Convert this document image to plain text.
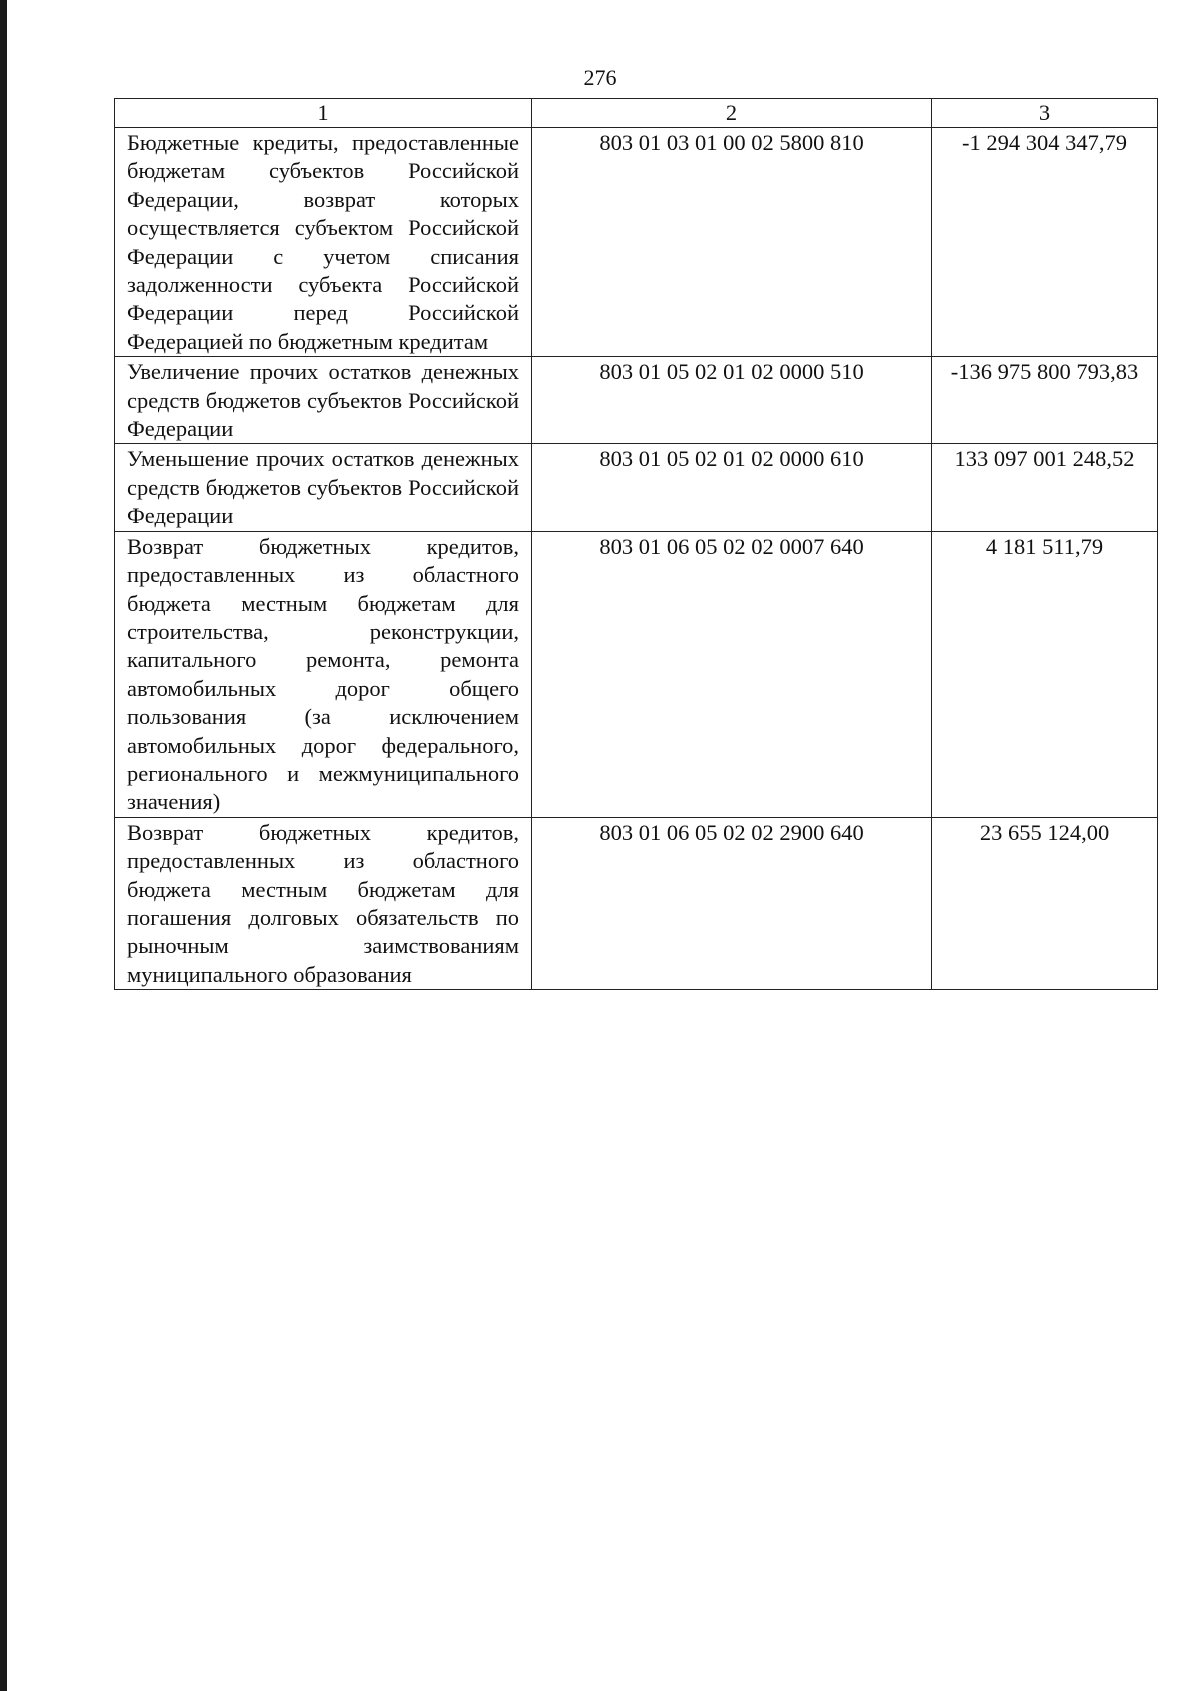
276
1	2	3
Бюджетные кредиты, предоставленные бюджетам субъектов Российской Федерации, возврат которых осуществляется субъектом Российской Федерации с учетом списания задолженности субъекта Российской Федерации перед Российской Федерацией по бюджетным кредитам	803 01 03 01 00 02 5800 810	-1 294 304 347,79
Увеличение прочих остатков денежных средств бюджетов субъектов Российской Федерации	803 01 05 02 01 02 0000 510	-136 975 800 793,83
Уменьшение прочих остатков денежных средств бюджетов субъектов Российской Федерации	803 01 05 02 01 02 0000 610	133 097 001 248,52
Возврат бюджетных кредитов, предоставленных из областного бюджета местным бюджетам для строительства, реконструкции, капитального ремонта, ремонта автомобильных дорог общего пользования (за исключением автомобильных дорог федерального, регионального и межмуниципального значения)	803 01 06 05 02 02 0007 640	4 181 511,79
Возврат бюджетных кредитов, предоставленных из областного бюджета местным бюджетам для погашения долговых обязательств по рыночным заимствованиям муниципального образования	803 01 06 05 02 02 2900 640	23 655 124,00
